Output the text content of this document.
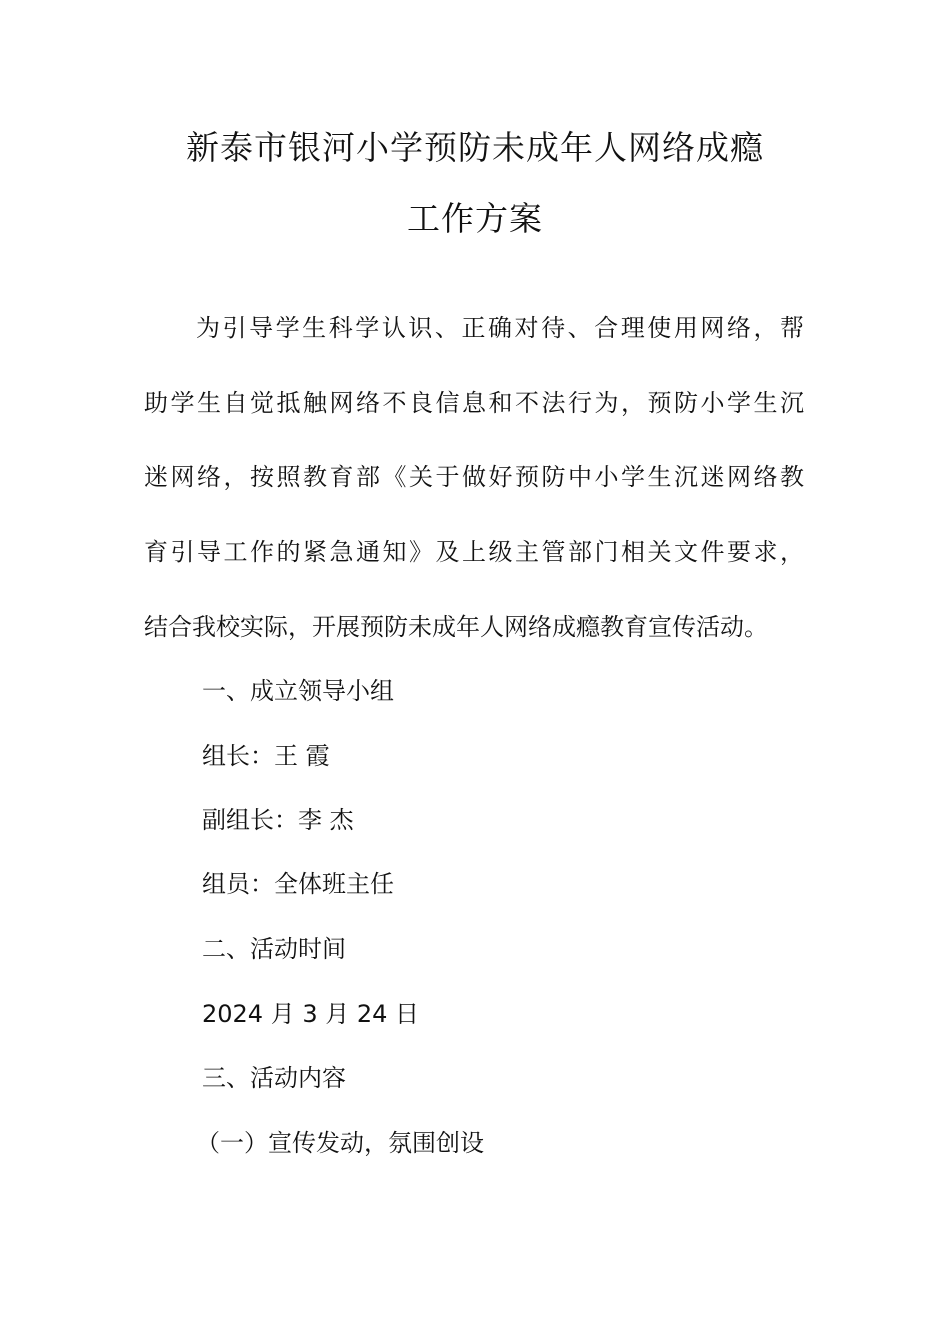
新泰市银河小学预防未成年人网络成瘾
工作方案
为引导学生科学认识、正确对待、合理使用网络，帮
助学生自觉抵触网络不良信息和不法行为，预防小学生沉
迷网络，按照教育部《关于做好预防中小学生沉迷网络教
育引导工作的紧急通知》及上级主管部门相关文件要求，
结合我校实际，开展预防未成年人网络成瘾教育宣传活动。
一、成立领导小组
组长：王 霞
副组长：李 杰
组员：全体班主任
二、活动时间
2024 月 3 月 24 日
三、活动内容
（一）宣传发动，氛围创设
